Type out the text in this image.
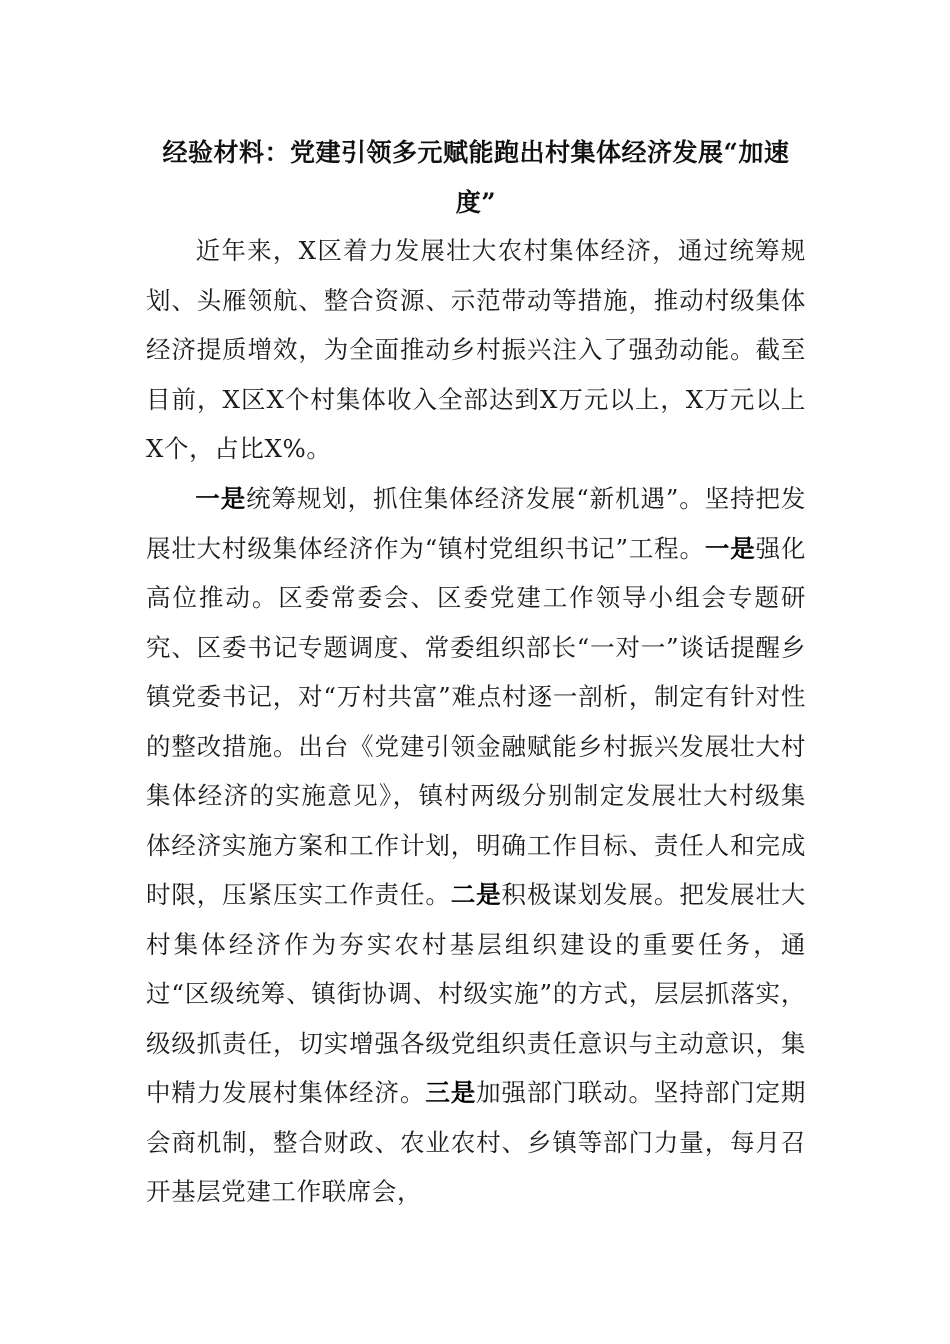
经验材料：党建引领多元赋能跑出村集体经济发展“加速度”
近年来，X区着力发展壮大农村集体经济，通过统筹规划、头雁领航、整合资源、示范带动等措施，推动村级集体经济提质增效，为全面推动乡村振兴注入了强劲动能。截至目前，X区X个村集体收入全部达到X万元以上，X万元以上X个，占比X%。
一是统筹规划，抓住集体经济发展“新机遇”。坚持把发展壮大村级集体经济作为“镇村党组织书记”工程。一是强化高位推动。区委常委会、区委党建工作领导小组会专题研究、区委书记专题调度、常委组织部长“一对一”谈话提醒乡镇党委书记，对“万村共富”难点村逐一剖析，制定有针对性的整改措施。出台《党建引领金融赋能乡村振兴发展壮大村集体经济的实施意见》，镇村两级分别制定发展壮大村级集体经济实施方案和工作计划，明确工作目标、责任人和完成时限，压紧压实工作责任。二是积极谋划发展。把发展壮大村集体经济作为夯实农村基层组织建设的重要任务，通过“区级统筹、镇街协调、村级实施”的方式，层层抓落实，级级抓责任，切实增强各级党组织责任意识与主动意识，集中精力发展村集体经济。三是加强部门联动。坚持部门定期会商机制，整合财政、农业农村、乡镇等部门力量，每月召开基层党建工作联席会，
